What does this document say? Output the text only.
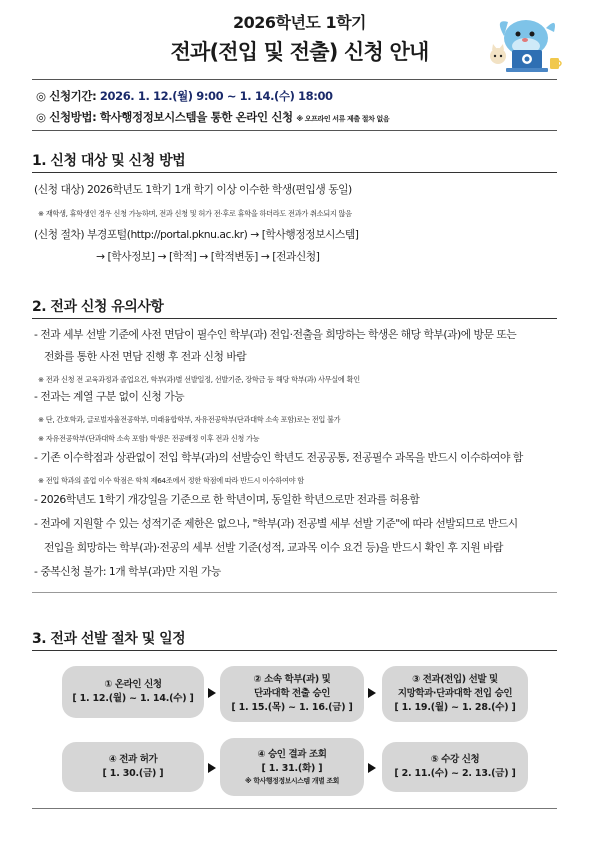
2026학년도 1학기
전과(전입 및 전출) 신청 안내
◎ 신청기간: 2026. 1. 12.(월) 9:00 ~ 1. 14.(수) 18:00
◎ 신청방법: 학사행정정보시스템을 통한 온라인 신청 ※ 오프라인 서류 제출 절차 없음
1. 신청 대상 및 신청 방법
(신청 대상) 2026학년도 1학기 1개 학기 이상 이수한 학생(편입생 동일)
※ 재학생, 휴학생인 경우 신청 가능하며, 전과 신청 및 허가 전·후로 휴학을 하더라도 전과가 취소되지 않음
(신청 절차) 부경포털(http://portal.pknu.ac.kr) → [학사행정정보시스템]
→ [학사정보] → [학적] → [학적변동] → [전과신청]
2. 전과 신청 유의사항
- 전과 세부 선발 기준에 사전 면담이 필수인 학부(과) 전입·전출을 희망하는 학생은 해당 학부(과)에 방문 또는
전화를 통한 사전 면담 진행 후 전과 신청 바람
※ 전과 신청 전 교육과정과 졸업요건, 학부(과)별 선발일정, 선발기준, 장학금 등 해당 학부(과) 사무실에 확인
- 전과는 계열 구분 없이 신청 가능
※ 단, 간호학과, 글로벌자율전공학부, 미래융합학부, 자유전공학부(단과대학 소속 포함)로는 전입 불가
※ 자유전공학부(단과대학 소속 포함) 학생은 전공배정 이후 전과 신청 가능
- 기존 이수학점과 상관없이 전입 학부(과)의 선발승인 학년도 전공공통, 전공필수 과목을 반드시 이수하여야 함
※ 전입 학과의 졸업 이수 학점은 학칙 제64조에서 정한 학점에 따라 반드시 이수하여야 함
- 2026학년도 1학기 개강일을 기준으로 한 학년이며, 동일한 학년으로만 전과를 허용함
- 전과에 지원할 수 있는 성적기준 제한은 없으나, "학부(과) 전공별 세부 선발 기준"에 따라 선발되므로 반드시
전입을 희망하는 학부(과)·전공의 세부 선발 기준(성적, 교과목 이수 요건 등)을 반드시 확인 후 지원 바람
- 중복신청 불가: 1개 학부(과)만 지원 가능
3. 전과 선발 절차 및 일정
① 온라인 신청
[ 1. 12.(월) ~ 1. 14.(수) ]
② 소속 학부(과) 및
단과대학 전출 승인
[ 1. 15.(목) ~ 1. 16.(금) ]
③ 전과(전입) 선발 및
지망학과·단과대학 전입 승인
[ 1. 19.(월) ~ 1. 28.(수) ]
④ 전과 허가
[ 1. 30.(금) ]
④ 승인 결과 조회
[ 1. 31.(화) ]
※ 학사행정정보시스템 개별 조회
⑤ 수강 신청
[ 2. 11.(수) ~ 2. 13.(금) ]
